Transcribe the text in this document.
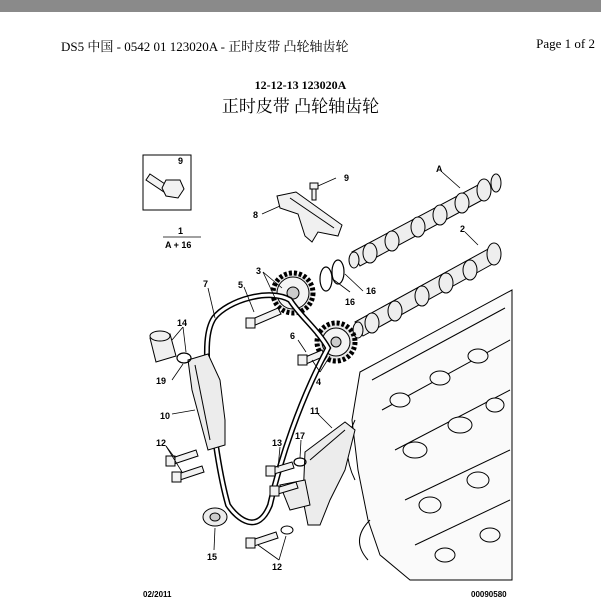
DS5 中国 - 0542 01 123020A - 正时皮带 凸轮轴齿轮	Page 1 of 2
12-12-13 123020A
正时皮带 凸轮轴齿轮
9
9
A
8
2
1
A + 16
3
7	5
16
16
14
6
19	4
10	11
13
17
12
15
12
02/2011	00090580
